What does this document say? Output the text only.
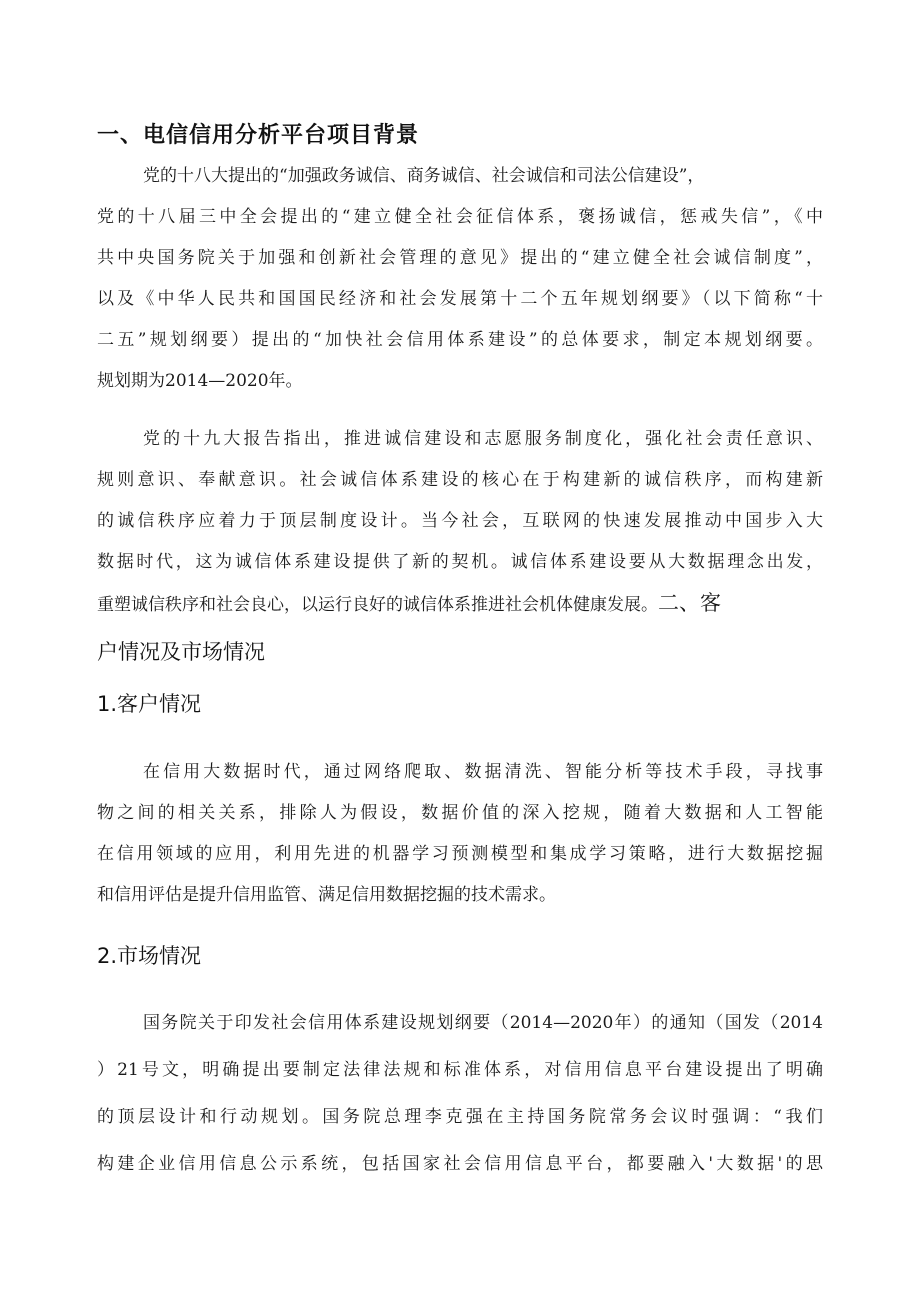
一、电信信用分析平台项目背景
党的十八大提出的“加强政务诚信、商务诚信、社会诚信和司法公信建设”，
党的十八届三中全会提出的“建立健全社会征信体系，褒扬诚信，惩戒失信”，《中
共中央国务院关于加强和创新社会管理的意见》提出的“建立健全社会诚信制度”，
以及《中华人民共和国国民经济和社会发展第十二个五年规划纲要》（以下简称“十
二五”规划纲要）提出的“加快社会信用体系建设”的总体要求，制定本规划纲要。
规划期为2014—2020年。
党的十九大报告指出，推进诚信建设和志愿服务制度化，强化社会责任意识、
规则意识、奉献意识。社会诚信体系建设的核心在于构建新的诚信秩序，而构建新
的诚信秩序应着力于顶层制度设计。当今社会，互联网的快速发展推动中国步入大
数据时代，这为诚信体系建设提供了新的契机。诚信体系建设要从大数据理念出发，
重塑诚信秩序和社会良心，以运行良好的诚信体系推进社会机体健康发展。二、客
户情况及市场情况
1.客户情况
在信用大数据时代，通过网络爬取、数据清洗、智能分析等技术手段，寻找事
物之间的相关关系，排除人为假设，数据价值的深入挖规，随着大数据和人工智能
在信用领域的应用，利用先进的机器学习预测模型和集成学习策略，进行大数据挖掘
和信用评估是提升信用监管、满足信用数据挖掘的技术需求。
2.市场情况
国务院关于印发社会信用体系建设规划纲要（2014—2020年）的通知（国发（2014
）21号文，明确提出要制定法律法规和标准体系，对信用信息平台建设提出了明确
的顶层设计和行动规划。国务院总理李克强在主持国务院常务会议时强调：“我们
构建企业信用信息公示系统，包括国家社会信用信息平台，都要融入'大数据'的思
